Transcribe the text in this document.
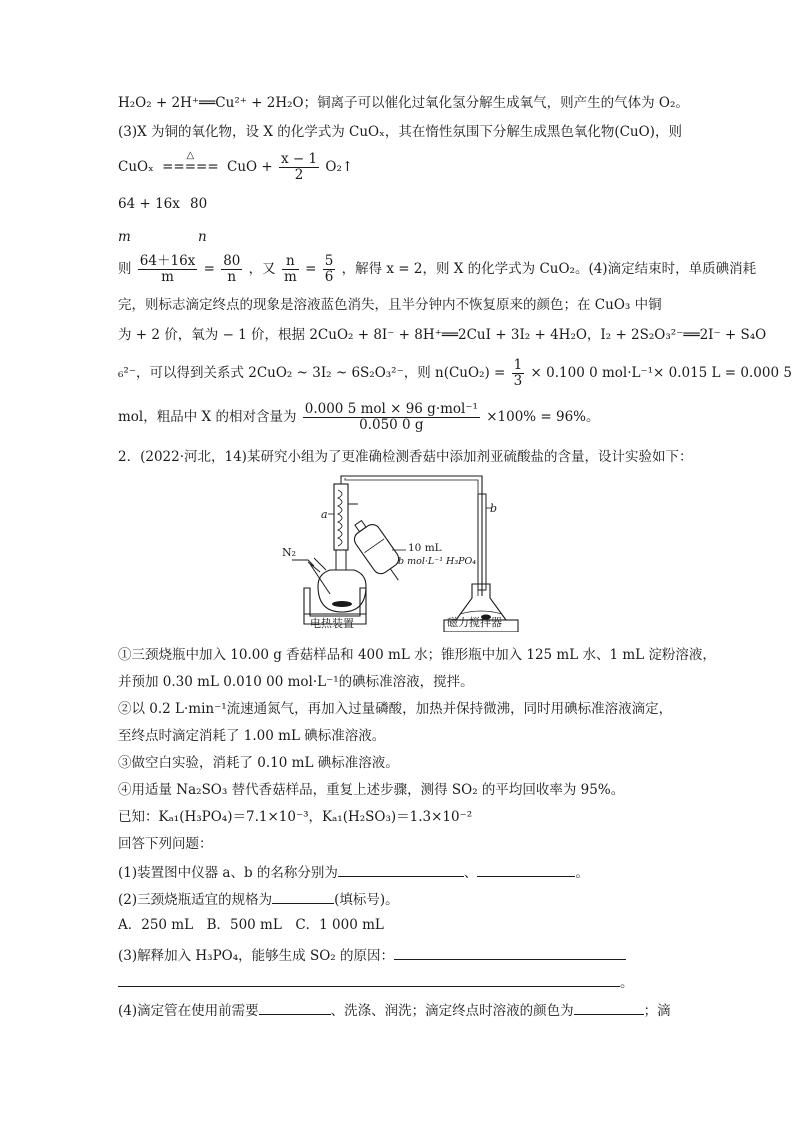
H₂O₂ + 2H⁺══Cu²⁺ + 2H₂O；铜离子可以催化过氧化氢分解生成氧气，则产生的气体为 O₂。
(3)X 为铜的氧化物，设 X 的化学式为 CuOₓ，其在惰性氛围下分解生成黑色氧化物(CuO)，则
CuOₓ
△
===== CuO + $\frac{x - 1}{2}$ O₂↑
64 + 16x 80
m	n
则 $\frac{64+16x}{m} = \frac{80}{n}$ ，又 $\frac{n}{m} = \frac{5}{6}$ ，解得 x = 2，则 X 的化学式为 CuO₂。(4)滴定结束时，单质碘消耗
完，则标志滴定终点的现象是溶液蓝色消失，且半分钟内不恢复原来的颜色；在 CuO₃ 中铜
为 + 2 价，氧为 − 1 价，根据 2CuO₂ + 8I⁻ + 8H⁺══2CuI + 3I₂ + 4H₂O，I₂ + 2S₂O₃²⁻══2I⁻ + S₄O
₆²⁻，可以得到关系式 2CuO₂ ~ 3I₂ ~ 6S₂O₃²⁻，则 $n(CuO_2) = \frac{1}{3} \times 0.100$ 0 mol·L⁻¹× 0.015 L = 0.000 5
mol，粗品中 X 的相对含量为 $\frac{\text{0.000 5 mol × 96 g·mol⁻¹}}{0.050 0 g} \times 100\% = 96\%$。
2．(2022·河北，14)某研究小组为了更准确检测香菇中添加剂亚硫酸盐的含量，设计实验如下：
a	b
N₂	10 mL
b mol·L⁻¹ H₃PO₄
电热装置	磁力搅拌器
①三颈烧瓶中加入 10.00 g 香菇样品和 400 mL 水；锥形瓶中加入 125 mL 水、1 mL 淀粉溶液，
并预加 0.30 mL 0.010 00 mol·L⁻¹的碘标准溶液，搅拌。
②以 0.2 L·min⁻¹流速通氮气，再加入过量磷酸，加热并保持微沸，同时用碘标准溶液滴定，
至终点时滴定消耗了 1.00 mL 碘标准溶液。
③做空白实验，消耗了 0.10 mL 碘标准溶液。
④用适量 Na₂SO₃ 替代香菇样品，重复上述步骤，测得 SO₂ 的平均回收率为 95%。
已知：Kₐ₁(H₃PO₄)＝7.1×10⁻³，Kₐ₁(H₂SO₃)＝1.3×10⁻²
回答下列问题：
(1)装置图中仪器 a、b 的名称分别为	、	。
(2)三颈烧瓶适宜的规格为	(填标号)。
A．250 mL　B．500 mL　C．1 000 mL
(3)解释加入 H₃PO₄，能够生成 SO₂ 的原因：
。
(4)滴定管在使用前需要	、洗涤、润洗；滴定终点时溶液的颜色为	；滴
